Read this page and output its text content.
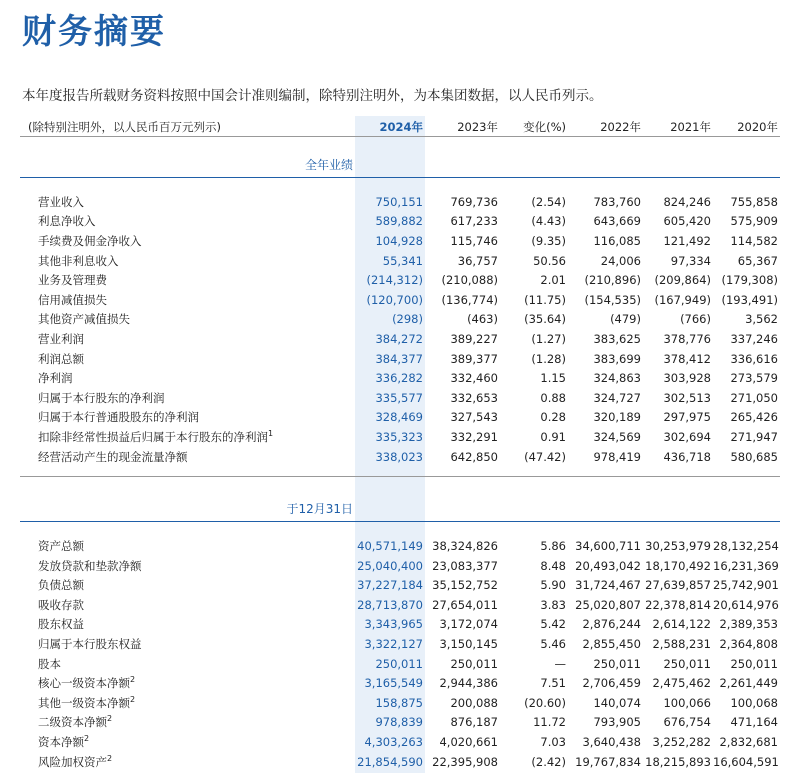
财务摘要
本年度报告所载财务资料按照中国会计准则编制，除特别注明外，为本集团数据，以人民币列示。
(除特别注明外，以人民币百万元列示)	2024年	2023年	变化(%)	2022年	2021年	2020年

全年业绩						

营业收入	750,151	769,736	(2.54)	783,760	824,246	755,858
利息净收入	589,882	617,233	(4.43)	643,669	605,420	575,909
手续费及佣金净收入	104,928	115,746	(9.35)	116,085	121,492	114,582
其他非利息收入	55,341	36,757	50.56	24,006	97,334	65,367
业务及管理费	(214,312)	(210,088)	2.01	(210,896)	(209,864)	(179,308)
信用减值损失	(120,700)	(136,774)	(11.75)	(154,535)	(167,949)	(193,491)
其他资产减值损失	(298)	(463)	(35.64)	(479)	(766)	3,562
营业利润	384,272	389,227	(1.27)	383,625	378,776	337,246
利润总额	384,377	389,377	(1.28)	383,699	378,412	336,616
净利润	336,282	332,460	1.15	324,863	303,928	273,579
归属于本行股东的净利润	335,577	332,653	0.88	324,727	302,513	271,050
归属于本行普通股股东的净利润	328,469	327,543	0.28	320,189	297,975	265,426
扣除非经常性损益后归属于本行股东的净利润$^1$	335,323	332,291	0.91	324,569	302,694	271,947
经营活动产生的现金流量净额	338,023	642,850	(47.42)	978,419	436,718	580,685

于12月31日						

资产总额	40,571,149	38,324,826	5.86	34,600,711	30,253,979	28,132,254
发放贷款和垫款净额	25,040,400	23,083,377	8.48	20,493,042	18,170,492	16,231,369
负债总额	37,227,184	35,152,752	5.90	31,724,467	27,639,857	25,742,901
吸收存款	28,713,870	27,654,011	3.83	25,020,807	22,378,814	20,614,976
股东权益	3,343,965	3,172,074	5.42	2,876,244	2,614,122	2,389,353
归属于本行股东权益	3,322,127	3,150,145	5.46	2,855,450	2,588,231	2,364,808
股本	250,011	250,011	—	250,011	250,011	250,011
核心一级资本净额$^2$	3,165,549	2,944,386	7.51	2,706,459	2,475,462	2,261,449
其他一级资本净额$^2$	158,875	200,088	(20.60)	140,074	100,066	100,068
二级资本净额$^2$	978,839	876,187	11.72	793,905	676,754	471,164
资本净额$^2$	4,303,263	4,020,661	7.03	3,640,438	3,252,282	2,832,681
风险加权资产$^2$	21,854,590	22,395,908	(2.42)	19,767,834	18,215,893	16,604,591
